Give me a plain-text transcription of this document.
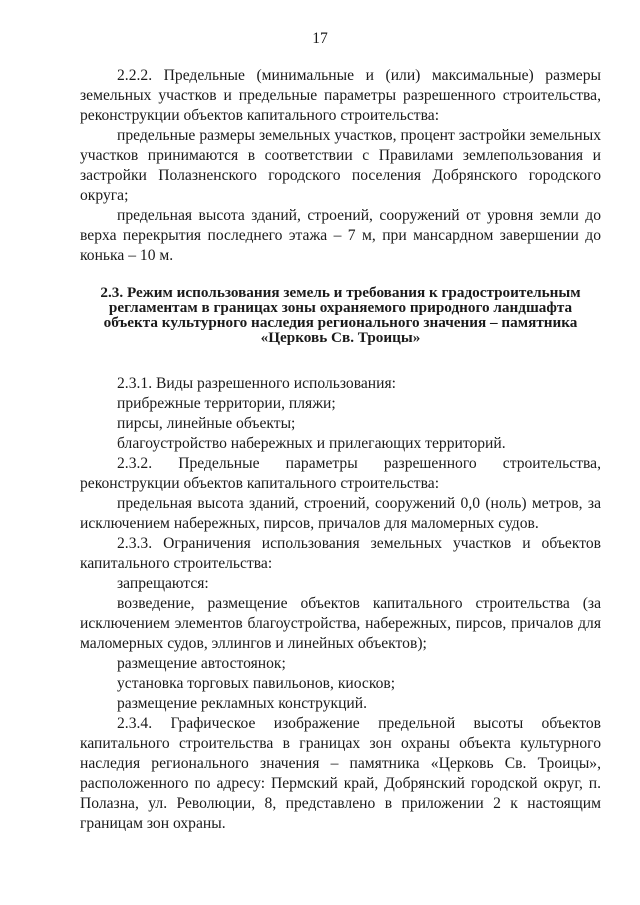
17

2.2.2. Предельные (минимальные и (или) максимальные) размеры земельных участков и предельные параметры разрешенного строительства, реконструкции объектов капитального строительства:

предельные размеры земельных участков, процент застройки земельных участков принимаются в соответствии с Правилами землепользования и застройки Полазненского городского поселения Добрянского городского округа;

предельная высота зданий, строений, сооружений от уровня земли до верха перекрытия последнего этажа – 7 м, при мансардном завершении до конька – 10 м.

2.3. Режим использования земель и требования к градостроительным регламентам в границах зоны охраняемого природного ландшафта объекта культурного наследия регионального значения – памятника «Церковь Св. Троицы»

2.3.1. Виды разрешенного использования:

прибрежные территории, пляжи;

пирсы, линейные объекты;

благоустройство набережных и прилегающих территорий.

2.3.2. Предельные параметры разрешенного строительства, реконструкции объектов капитального строительства:

предельная высота зданий, строений, сооружений 0,0 (ноль) метров, за исключением набережных, пирсов, причалов для маломерных судов.

2.3.3. Ограничения использования земельных участков и объектов капитального строительства:

запрещаются:

возведение, размещение объектов капитального строительства (за исключением элементов благоустройства, набережных, пирсов, причалов для маломерных судов, эллингов и линейных объектов);

размещение автостоянок;

установка торговых павильонов, киосков;

размещение рекламных конструкций.

2.3.4. Графическое изображение предельной высоты объектов капитального строительства в границах зон охраны объекта культурного наследия регионального значения – памятника «Церковь Св. Троицы», расположенного по адресу: Пермский край, Добрянский городской округ, п. Полазна, ул. Революции, 8, представлено в приложении 2 к настоящим границам зон охраны.
